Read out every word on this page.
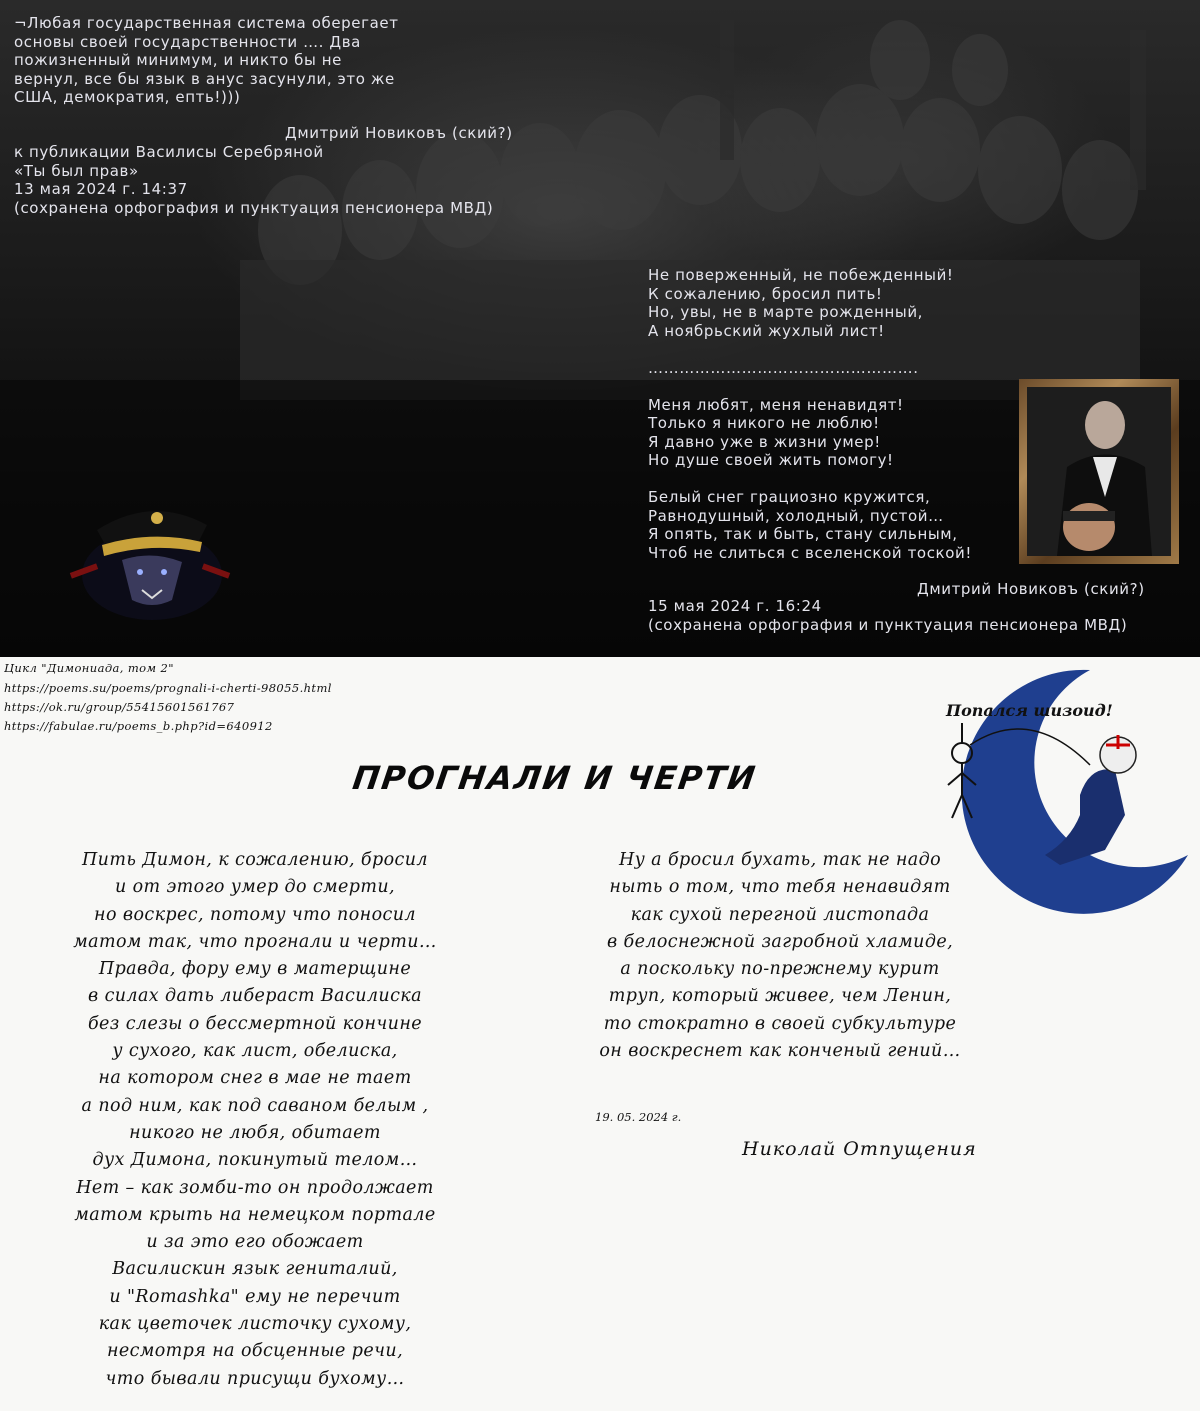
¬Любая государственная система оберегает
основы своей государственности …. Два
пожизненный минимум, и никто бы не
вернул, все бы язык в анус засунули, это же
США, демократия, епть!)))

Дмитрий Новиковъ (ский?)

к публикации Василисы Серебряной
«Ты был прав»
13 мая 2024 г. 14:37
(сохранена орфография и пунктуация пенсионера МВД)

Не поверженный, не побежденный!
К сожалению, бросил пить!
Но, увы, не в марте рожденный,
А ноябрьский жухлый лист!

…………………………………………….

Меня любят, меня ненавидят!
Только я никого не люблю!
Я давно уже в жизни умер!
Но душе своей жить помогу!

Белый снег грациозно кружится,
Равнодушный, холодный, пустой…
Я опять, так и быть, стану сильным,
Чтоб не слиться с вселенской тоской!

Дмитрий Новиковъ (ский?)

15 мая 2024 г. 16:24
(сохранена орфография и пунктуация пенсионера МВД)

Цикл "Димониада, том 2"

https://poems.su/poems/prognali-i-cherti-98055.html

https://ok.ru/group/55415601561767

https://fabulae.ru/poems_b.php?id=640912

ПРОГНАЛИ И ЧЕРТИ
Пить Димон, к сожалению, бросил
и от этого умер до смерти,
но воскрес, потому что поносил
матом так, что прогнали и черти…
Правда, фору ему в матерщине
в силах дать либераст Василиска
без слезы о бессмертной кончине
у сухого, как лист, обелиска,
на котором снег в мае не тает
а под ним, как под саваном белым ,
никого не любя, обитает
дух Димона, покинутый телом…
Нет – как зомби-то он продолжает
матом крыть на немецком портале
и за это его обожает
Василискин язык гениталий,
и "Romashka" ему не перечит
как цветочек листочку сухому,
несмотря на обсценные речи,
что бывали присущи бухому…
Ну а бросил бухать, так не надо
ныть о том, что тебя ненавидят
как сухой перегной листопада
в белоснежной загробной хламиде,
а поскольку по-прежнему курит
труп, который живее, чем Ленин,
то стократно в своей субкультуре
он воскреснет как конченый гений…

19. 05. 2024 г.

Николай Отпущения

Попался шизоид!
